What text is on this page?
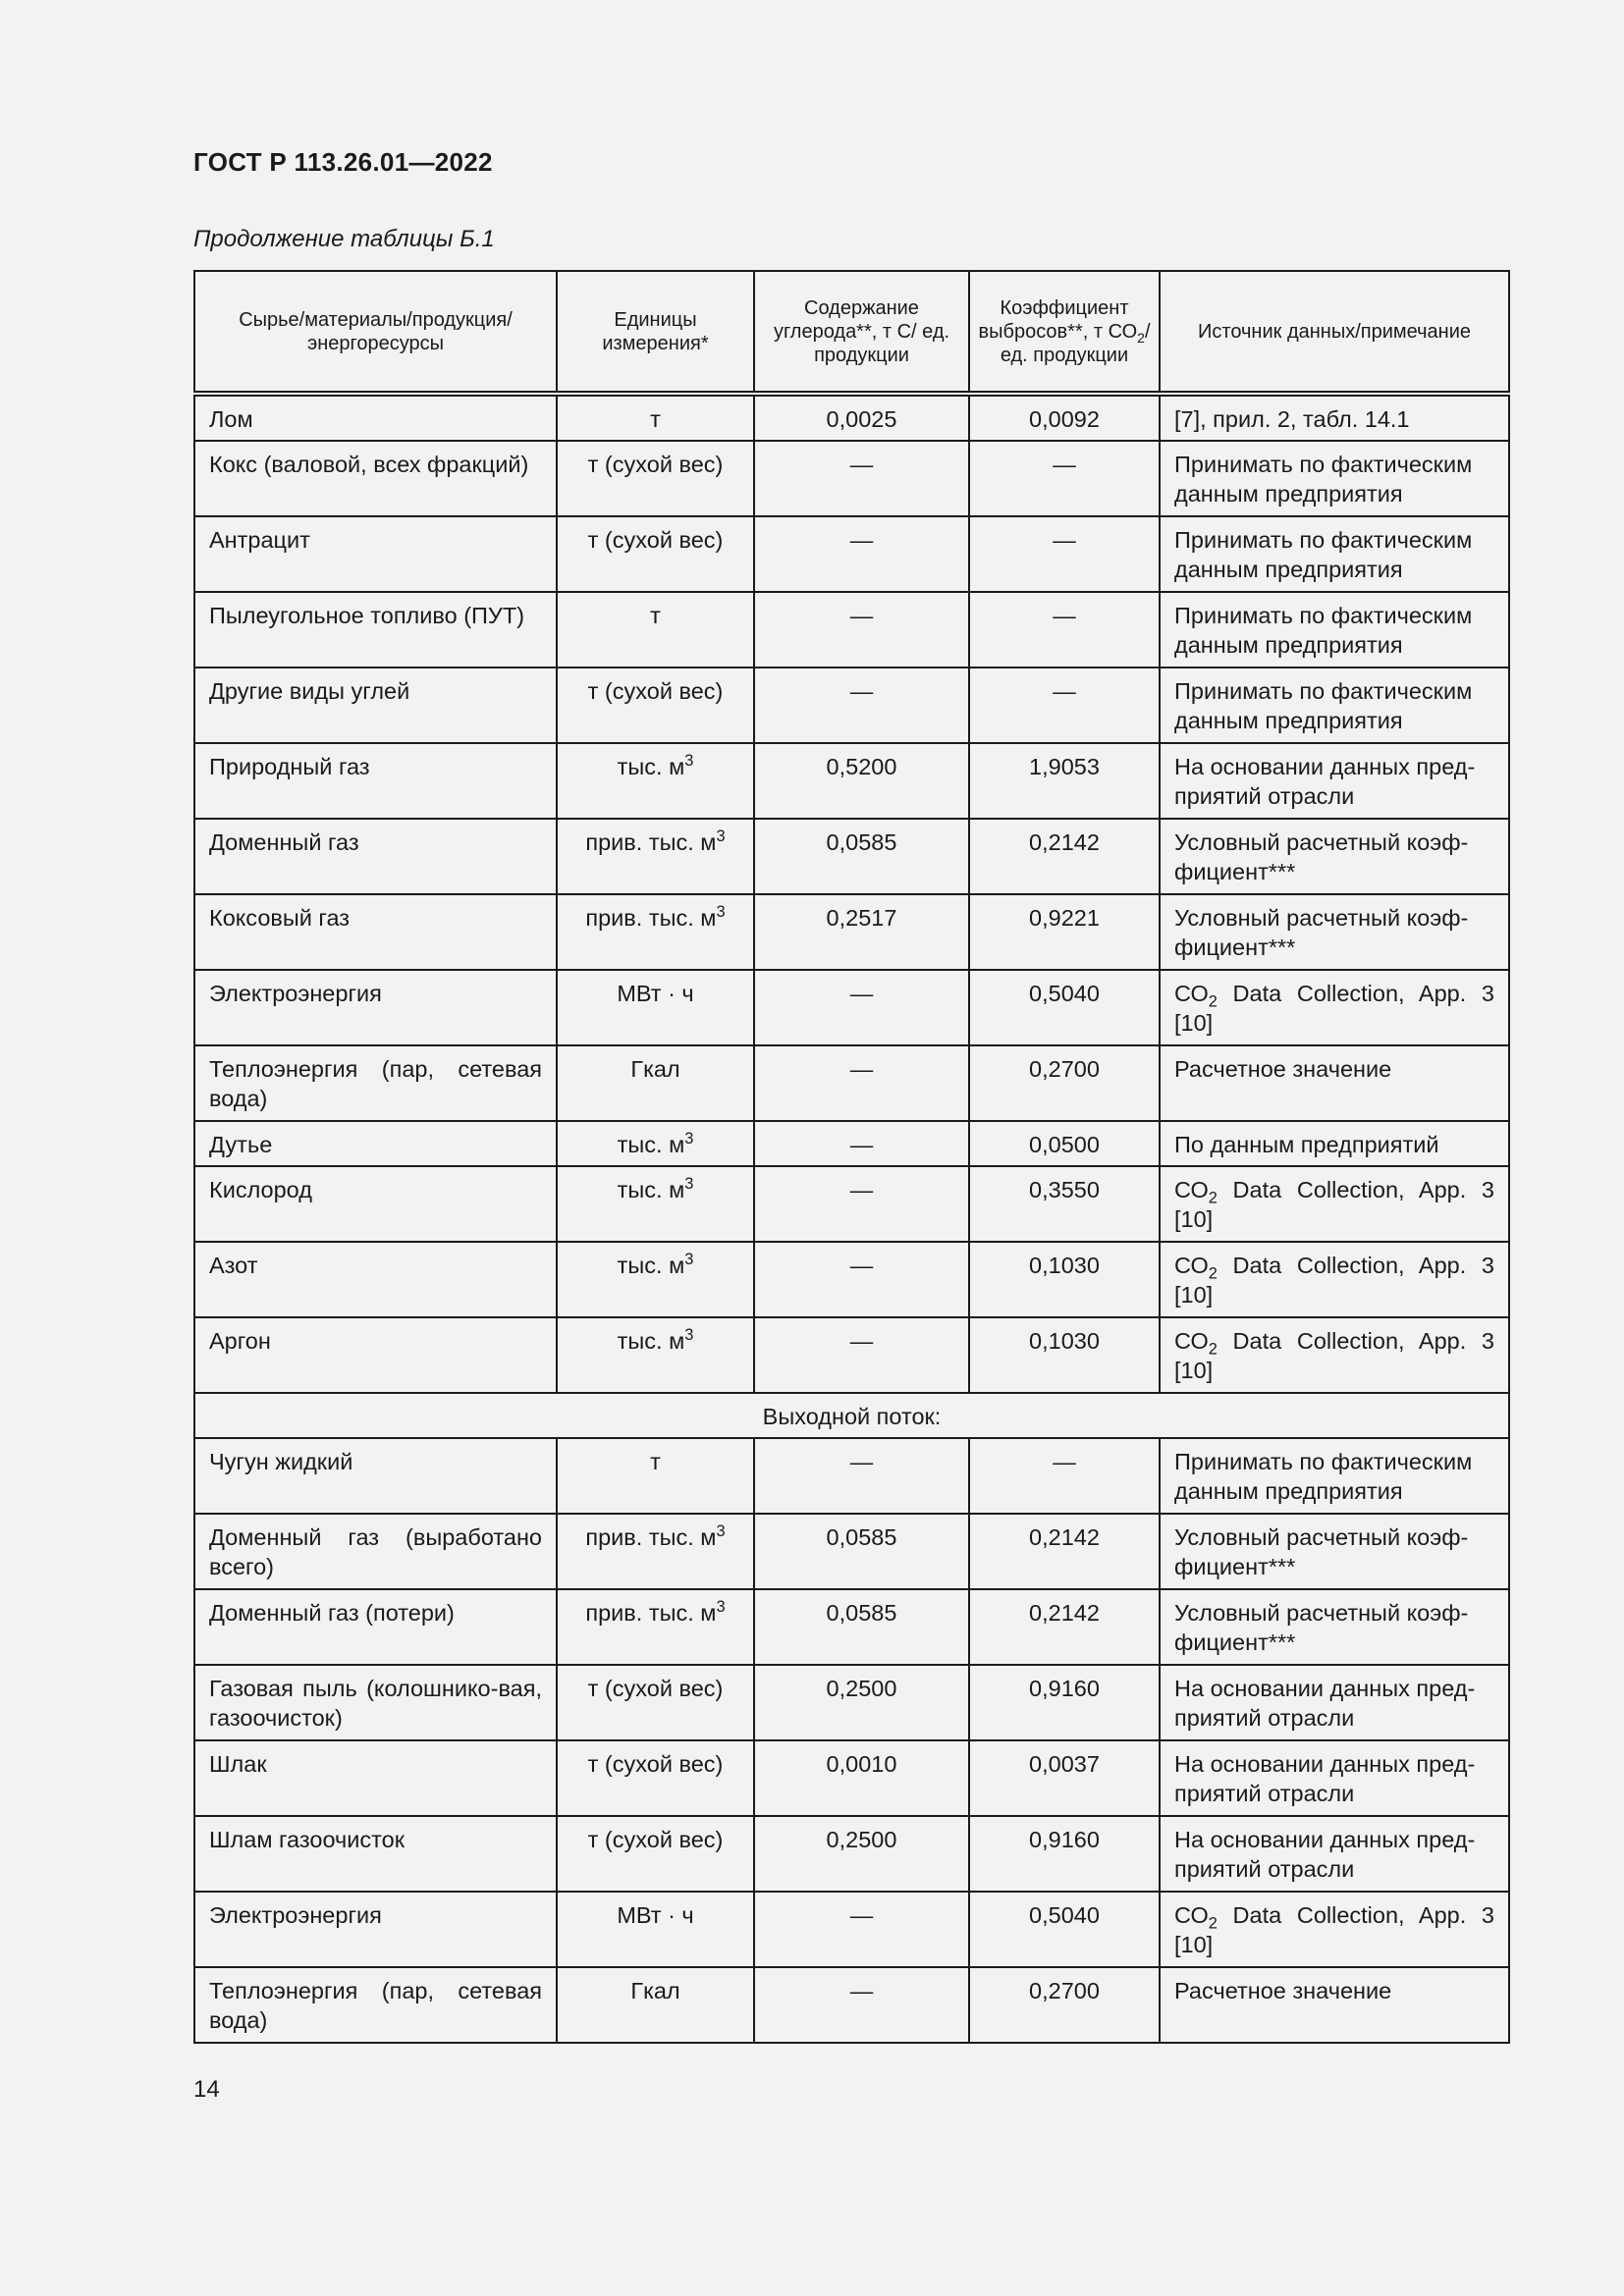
ГОСТ Р 113.26.01—2022
Продолжение таблицы Б.1
Сырье/материалы/продукция/ энергоресурсы	Единицы измерения*	Содержание углерода**, т С/ ед. продукции	Коэффициент выбросов**, т $СО_2/ед$. продукции	Источник данных/примечание
Лом	т	0,0025	0,0092	[7], прил. 2, табл. 14.1
Кокс (валовой, всех фракций)	т (сухой вес)	—	—	Принимать по фактическим данным предприятия
Антрацит	т (сухой вес)	—	—	Принимать по фактическим данным предприятия
Пылеугольное топливо (ПУТ)	т	—	—	Принимать по фактическим данным предприятия
Другие виды углей	т (сухой вес)	—	—	Принимать по фактическим данным предприятия
Природный газ	тыс. $м^3$	0,5200	1,9053	На основании данных пред-приятий отрасли
Доменный газ	прив. тыс. $м^3$	0,0585	0,2142	Условный расчетный коэф-фициент***
Коксовый газ	прив. тыс. $м^3$	0,2517	0,9221	Условный расчетный коэф-фициент***
Электроэнергия	МВт · ч	—	0,5040	$СО_2$ Data Collection, App. 3 [10]
Теплоэнергия (пар, сетевая вода)	Гкал	—	0,2700	Расчетное значение
Дутье	тыс. $м^3$	—	0,0500	По данным предприятий
Кислород	тыс. $м^3$	—	0,3550	$СО_2$ Data Collection, App. 3 [10]
Азот	тыс. $м^3$	—	0,1030	$СО_2$ Data Collection, App. 3 [10]
Аргон	тыс. $м^3$	—	0,1030	$СО_2$ Data Collection, App. 3 [10]
Выходной поток:				
Чугун жидкий	т	—	—	Принимать по фактическим данным предприятия
Доменный газ (выработано всего)	прив. тыс. $м^3$	0,0585	0,2142	Условный расчетный коэф-фициент***
Доменный газ (потери)	прив. тыс. $м^3$	0,0585	0,2142	Условный расчетный коэф-фициент***
Газовая пыль (колошнико-вая, газоочисток)	т (сухой вес)	0,2500	0,9160	На основании данных пред-приятий отрасли
Шлак	т (сухой вес)	0,0010	0,0037	На основании данных пред-приятий отрасли
Шлам газоочисток	т (сухой вес)	0,2500	0,9160	На основании данных пред-приятий отрасли
Электроэнергия	МВт · ч	—	0,5040	$СО_2$ Data Collection, App. 3 [10]
Теплоэнергия (пар, сетевая вода)	Гкал	—	0,2700	Расчетное значение
14
